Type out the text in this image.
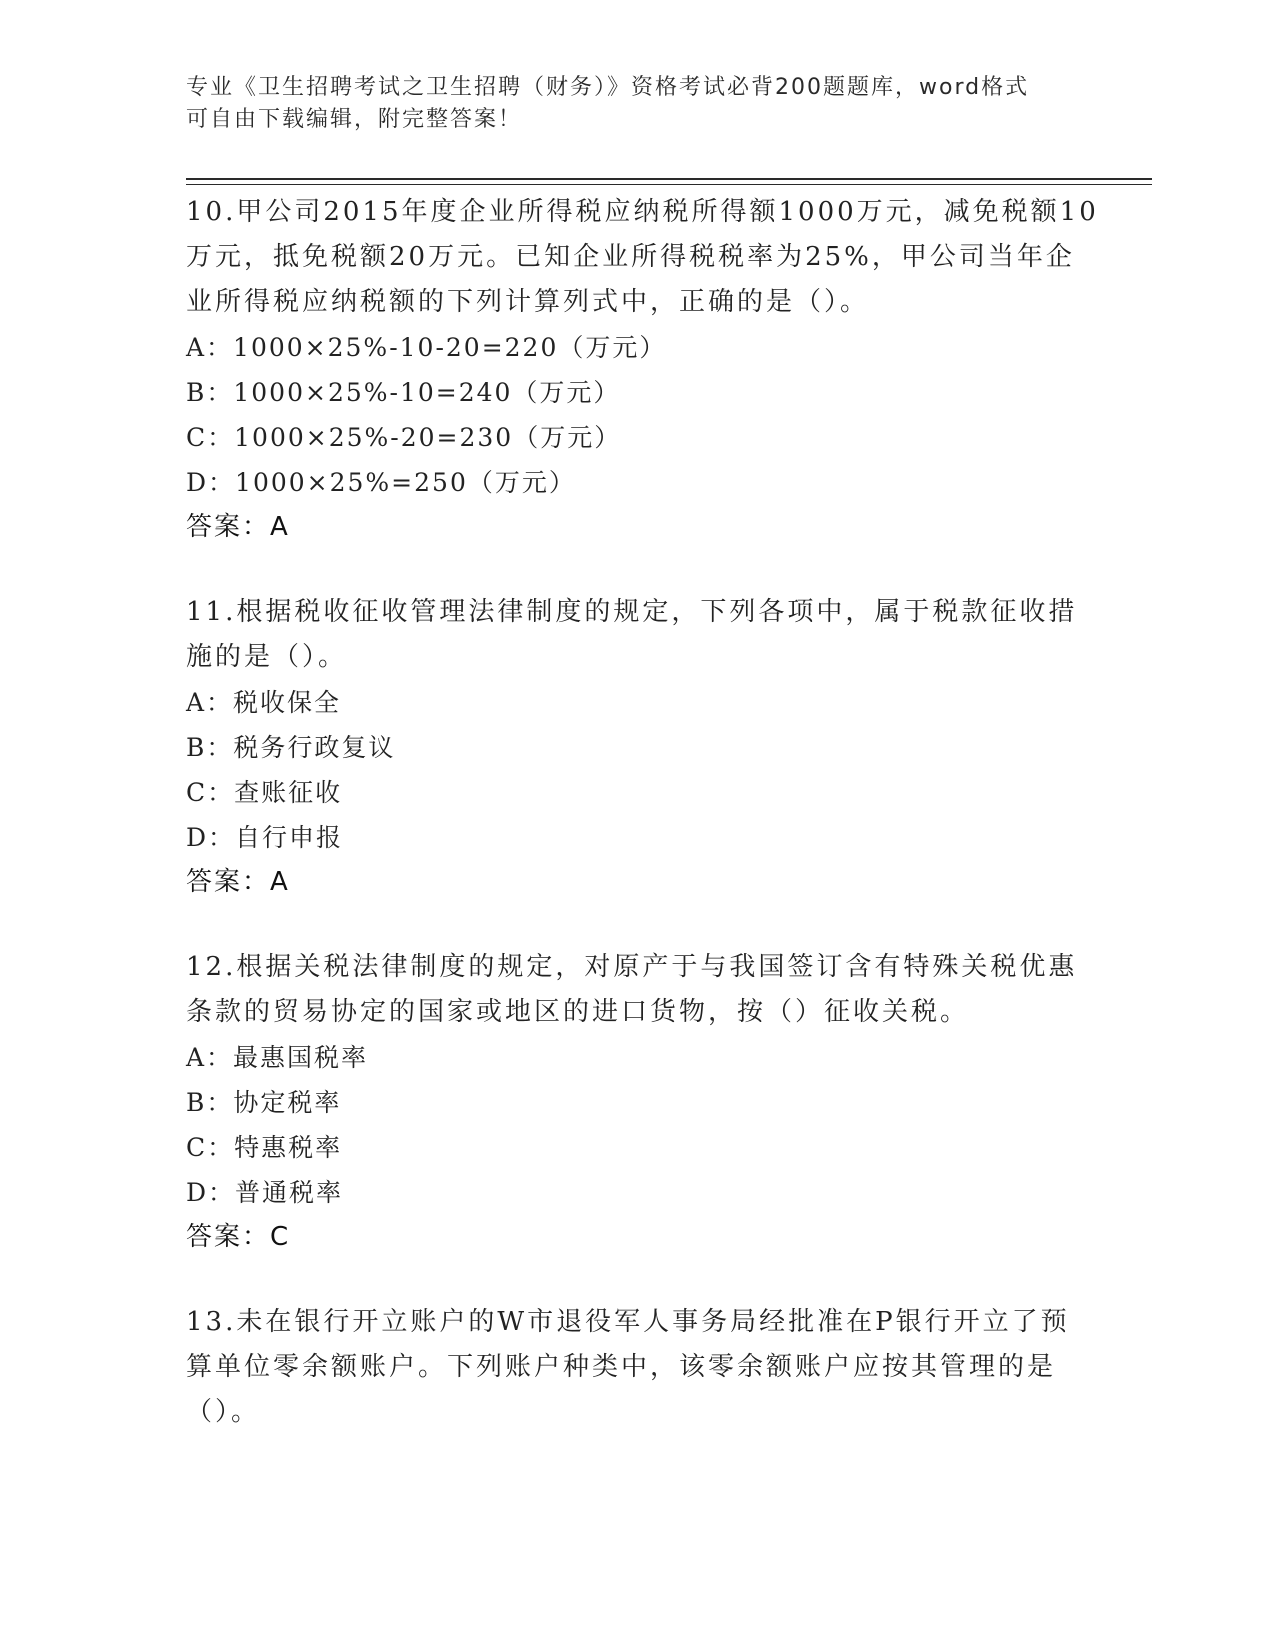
专业《卫生招聘考试之卫生招聘（财务）》资格考试必背200题题库，word格式
可自由下载编辑，附完整答案！
10.甲公司2015年度企业所得税应纳税所得额1000万元，减免税额10
万元，抵免税额20万元。已知企业所得税税率为25%，甲公司当年企
业所得税应纳税额的下列计算列式中，正确的是（）。
A：1000×25%-10-20=220（万元）
B：1000×25%-10=240（万元）
C：1000×25%-20=230（万元）
D：1000×25%=250（万元）
答案：A
11.根据税收征收管理法律制度的规定，下列各项中，属于税款征收措
施的是（）。
A：税收保全
B：税务行政复议
C：查账征收
D：自行申报
答案：A
12.根据关税法律制度的规定，对原产于与我国签订含有特殊关税优惠
条款的贸易协定的国家或地区的进口货物，按（）征收关税。
A：最惠国税率
B：协定税率
C：特惠税率
D：普通税率
答案：C
13.未在银行开立账户的W市退役军人事务局经批准在P银行开立了预
算单位零余额账户。下列账户种类中，该零余额账户应按其管理的是
（）。
